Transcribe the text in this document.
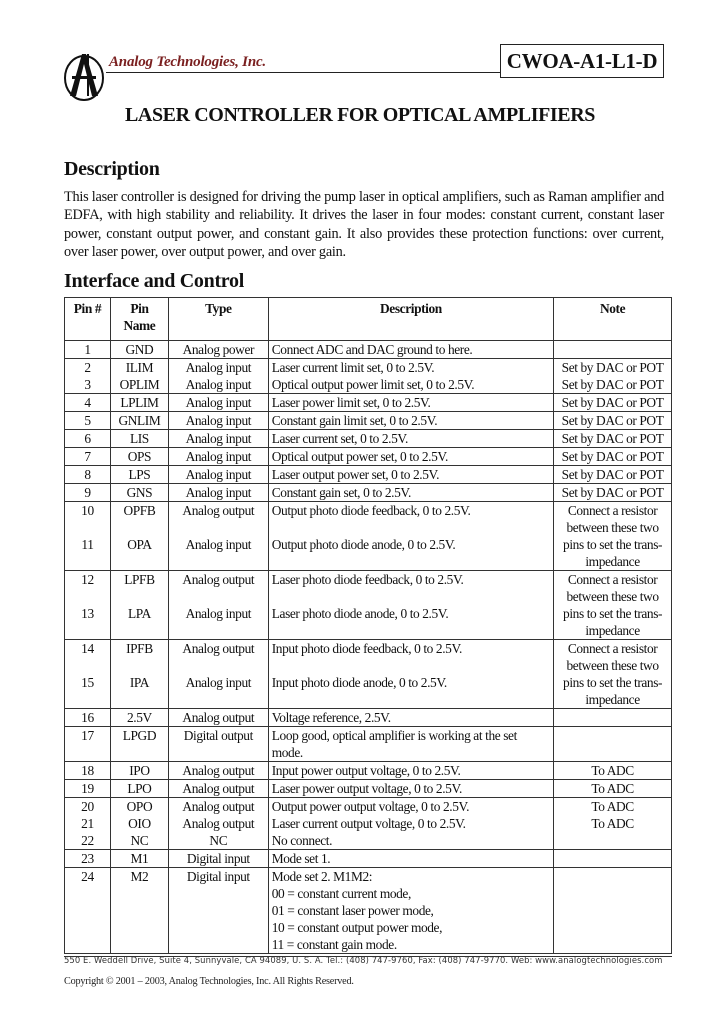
Analog Technologies, Inc.	CWOA-A1-L1-D
LASER CONTROLLER FOR OPTICAL AMPLIFIERS
Description
This laser controller is designed for driving the pump laser in optical amplifiers, such as Raman amplifier and EDFA, with high stability and reliability. It drives the laser in four modes: constant current, constant laser power, constant output power, and constant gain. It also provides these protection functions: over current, over laser power, over output power, and over gain.
Interface and Control
Pin #	Pin Name	Type	Description	Note
1	GND	Analog power	Connect ADC and DAC ground to here.	
2	ILIM	Analog input	Laser current limit set, 0 to 2.5V.	Set by DAC or POT
3	OPLIM	Analog input	Optical output power limit set, 0 to 2.5V.	Set by DAC or POT
4	LPLIM	Analog input	Laser power limit set, 0 to 2.5V.	Set by DAC or POT
5	GNLIM	Analog input	Constant gain limit set, 0 to 2.5V.	Set by DAC or POT
6	LIS	Analog input	Laser current set, 0 to 2.5V.	Set by DAC or POT
7	OPS	Analog input	Optical output power set, 0 to 2.5V.	Set by DAC or POT
8	LPS	Analog input	Laser output power set, 0 to 2.5V.	Set by DAC or POT
9	GNS	Analog input	Constant gain set, 0 to 2.5V.	Set by DAC or POT
10	OPFB	Analog output	Output photo diode feedback, 0 to 2.5V.	Connect a resistor between these two pins to set the trans-impedance
11	OPA	Analog input	Output photo diode anode, 0 to 2.5V.	
12	LPFB	Analog output	Laser photo diode feedback, 0 to 2.5V.	Connect a resistor between these two pins to set the trans-impedance
13	LPA	Analog input	Laser photo diode anode, 0 to 2.5V.	
14	IPFB	Analog output	Input photo diode feedback, 0 to 2.5V.	Connect a resistor between these two pins to set the trans-impedance
15	IPA	Analog input	Input photo diode anode, 0 to 2.5V.	
16	2.5V	Analog output	Voltage reference, 2.5V.	
17	LPGD	Digital output	Loop good, optical amplifier is working at the set mode.	
18	IPO	Analog output	Input power output voltage, 0 to 2.5V.	To ADC
19	LPO	Analog output	Laser power output voltage, 0 to 2.5V.	To ADC
20	OPO	Analog output	Output power output voltage, 0 to 2.5V.	To ADC
21	OIO	Analog output	Laser current output voltage, 0 to 2.5V.	To ADC
22	NC	NC	No connect.	
23	M1	Digital input	Mode set 1.	
24	M2	Digital input	Mode set 2. M1M2:
00 = constant current mode,
01 = constant laser power mode,
10 = constant output power mode,
11 = constant gain mode.	

550 E. Weddell Drive, Suite 4, Sunnyvale, CA 94089, U. S. A. Tel.: (408) 747-9760, Fax: (408) 747-9770. Web: www.analogtechnologies.com
Copyright © 2001 – 2003, Analog Technologies, Inc. All Rights Reserved.
